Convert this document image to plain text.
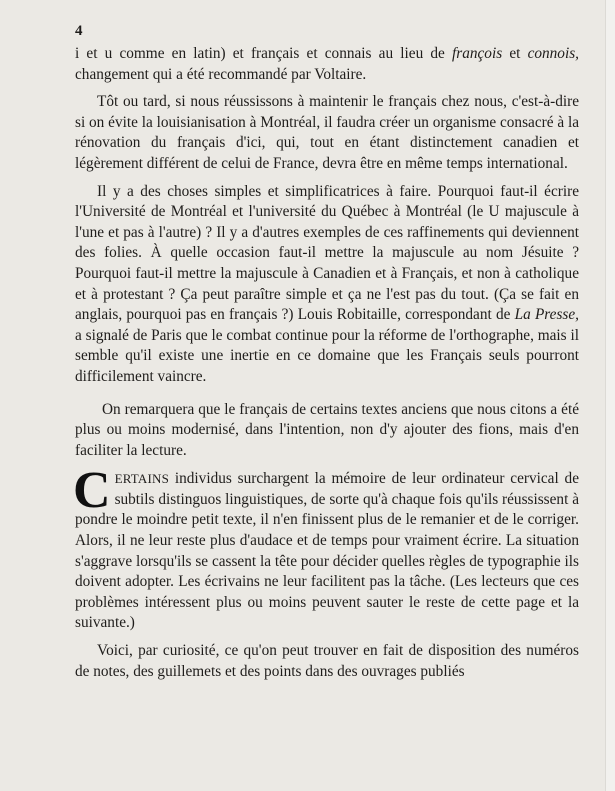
4

i et u comme en latin) et français et connais au lieu de françois et connois, changement qui a été recommandé par Voltaire.

Tôt ou tard, si nous réussissons à maintenir le français chez nous, c'est-à-dire si on évite la louisianisation à Montréal, il faudra créer un organisme consacré à la rénovation du français d'ici, qui, tout en étant distinctement canadien et légèrement différent de celui de France, devra être en même temps international.

Il y a des choses simples et simplificatrices à faire. Pourquoi faut-il écrire l'Université de Montréal et l'université du Québec à Montréal (le U majuscule à l'une et pas à l'autre) ? Il y a d'autres exemples de ces raffinements qui deviennent des folies. À quelle occasion faut-il mettre la majuscule au nom Jésuite ? Pourquoi faut-il mettre la majuscule à Canadien et à Français, et non à catholique et à protestant ? Ça peut paraître simple et ça ne l'est pas du tout. (Ça se fait en anglais, pourquoi pas en français ?) Louis Robitaille, correspondant de La Presse, a signalé de Paris que le combat continue pour la réforme de l'orthographe, mais il semble qu'il existe une inertie en ce domaine que les Français seuls pourront difficilement vaincre.

On remarquera que le français de certains textes anciens que nous citons a été plus ou moins modernisé, dans l'intention, non d'y ajouter des fions, mais d'en faciliter la lecture.

CERTAINS individus surchargent la mémoire de leur ordinateur cervical de subtils distinguos linguistiques, de sorte qu'à chaque fois qu'ils réussissent à pondre le moindre petit texte, il n'en finissent plus de le remanier et de le corriger. Alors, il ne leur reste plus d'audace et de temps pour vraiment écrire. La situation s'aggrave lorsqu'ils se cassent la tête pour décider quelles règles de typographie ils doivent adopter. Les écrivains ne leur facilitent pas la tâche. (Les lecteurs que ces problèmes intéressent plus ou moins peuvent sauter le reste de cette page et la suivante.)

Voici, par curiosité, ce qu'on peut trouver en fait de disposition des numéros de notes, des guillemets et des points dans des ouvrages publiés
